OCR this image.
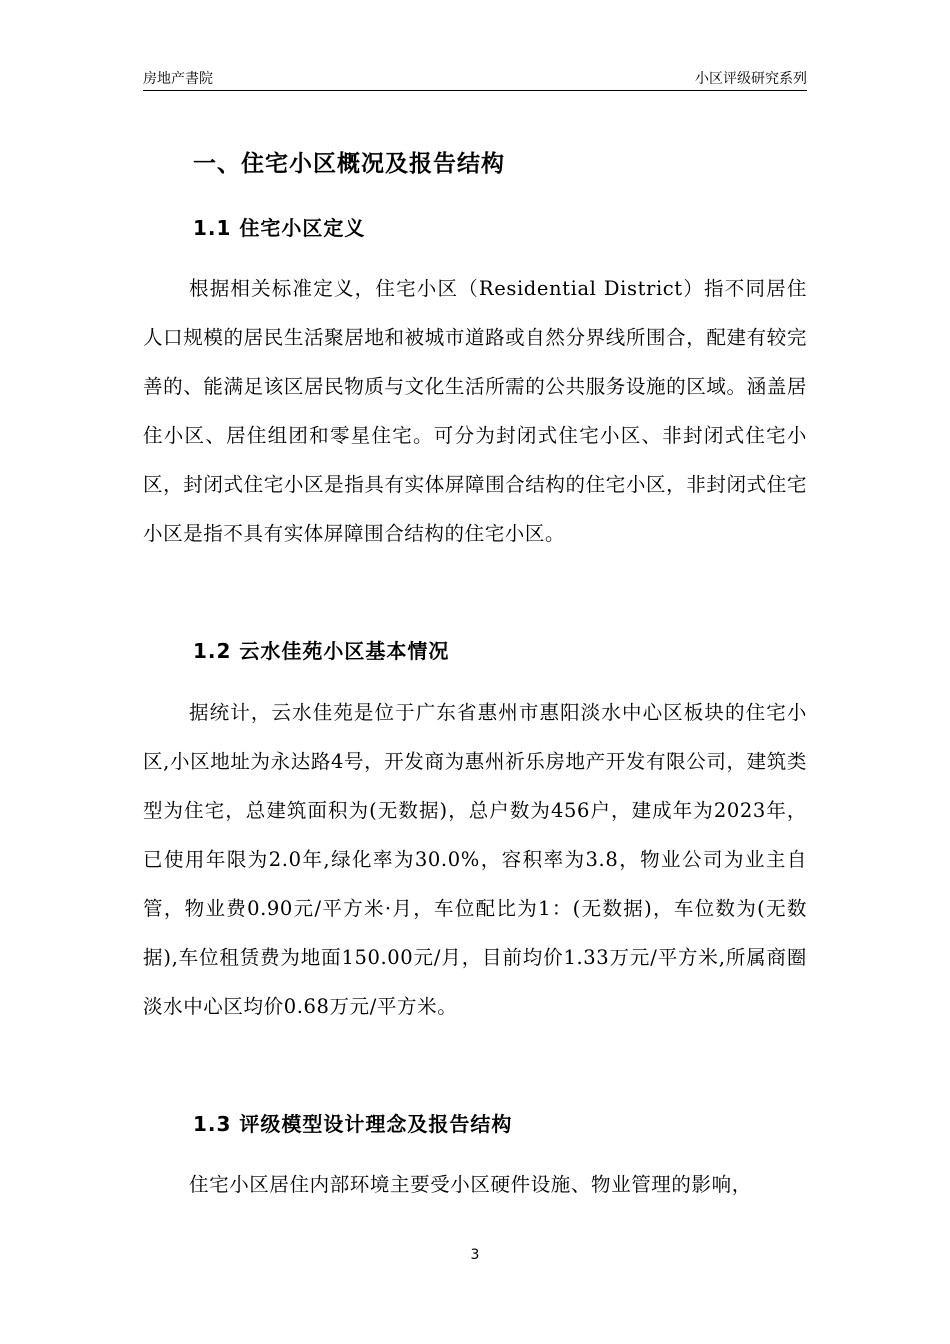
房地产書院	小区评级研究系列
一、住宅小区概况及报告结构
1.1 住宅小区定义
根据相关标准定义，住宅小区（Residential District）指不同居住人口规模的居民生活聚居地和被城市道路或自然分界线所围合，配建有较完善的、能满足该区居民物质与文化生活所需的公共服务设施的区域。涵盖居住小区、居住组团和零星住宅。可分为封闭式住宅小区、非封闭式住宅小区，封闭式住宅小区是指具有实体屏障围合结构的住宅小区，非封闭式住宅小区是指不具有实体屏障围合结构的住宅小区。
1.2 云水佳苑小区基本情况
据统计，云水佳苑是位于广东省惠州市惠阳淡水中心区板块的住宅小区,小区地址为永达路4号，开发商为惠州祈乐房地产开发有限公司，建筑类型为住宅，总建筑面积为(无数据)，总户数为456户，建成年为2023年，已使用年限为2.0年,绿化率为30.0%，容积率为3.8，物业公司为业主自管，物业费0.90元/平方米·月，车位配比为1：(无数据)，车位数为(无数据),车位租赁费为地面150.00元/月，目前均价1.33万元/平方米,所属商圈淡水中心区均价0.68万元/平方米。
1.3 评级模型设计理念及报告结构
住宅小区居住内部环境主要受小区硬件设施、物业管理的影响，
3
